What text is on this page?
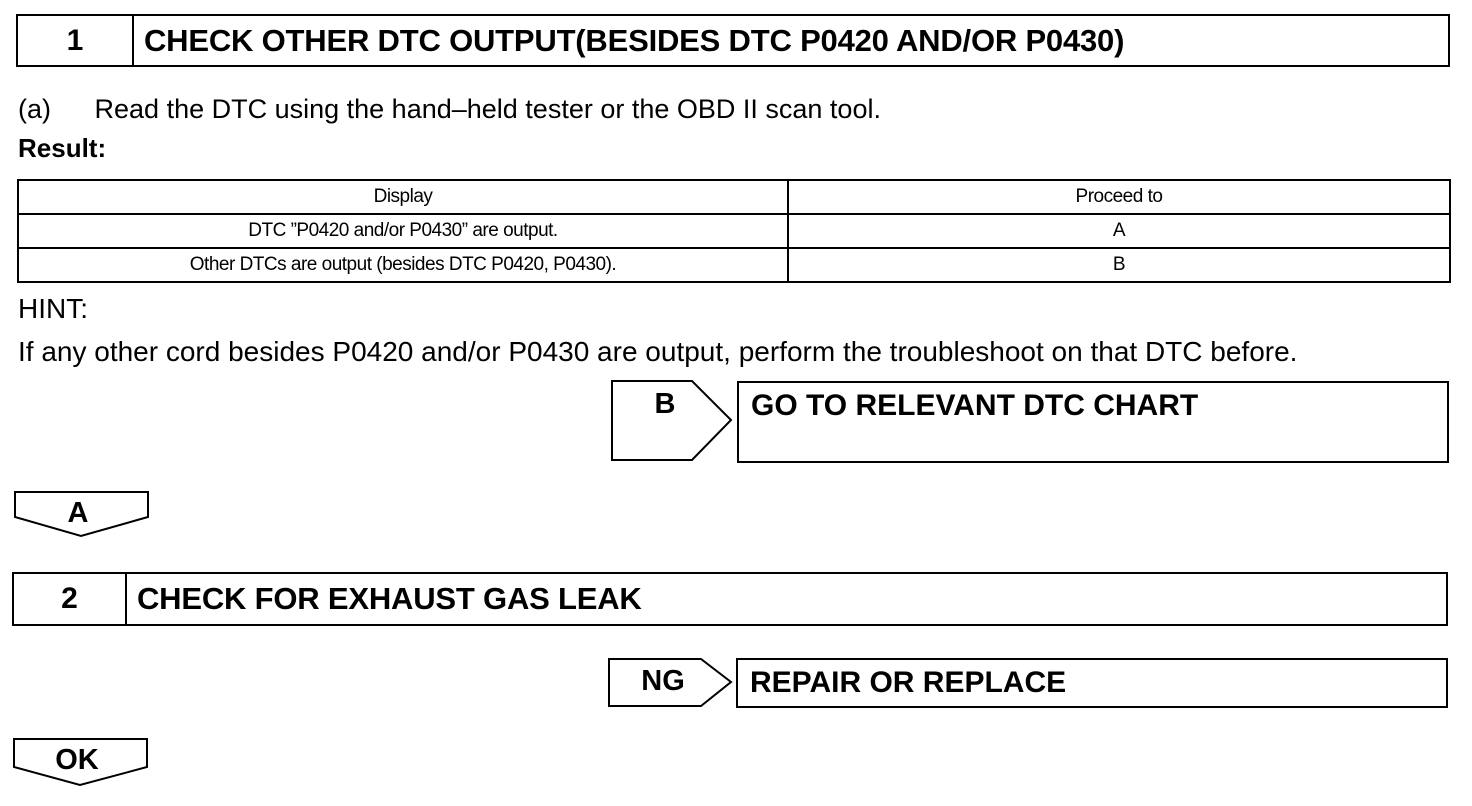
1	CHECK OTHER DTC OUTPUT(BESIDES DTC P0420 AND/OR P0430)
(a) Read the DTC using the hand–held tester or the OBD II scan tool.
Result:
Display	Proceed to
DTC ”P0420 and/or P0430” are output.	A
Other DTCs are output (besides DTC P0420, P0430).	B
HINT:
If any other cord besides P0420 and/or P0430 are output, perform the troubleshoot on that DTC before.
B	GO TO RELEVANT DTC CHART
A
2	CHECK FOR EXHAUST GAS LEAK
NG	REPAIR OR REPLACE
OK
